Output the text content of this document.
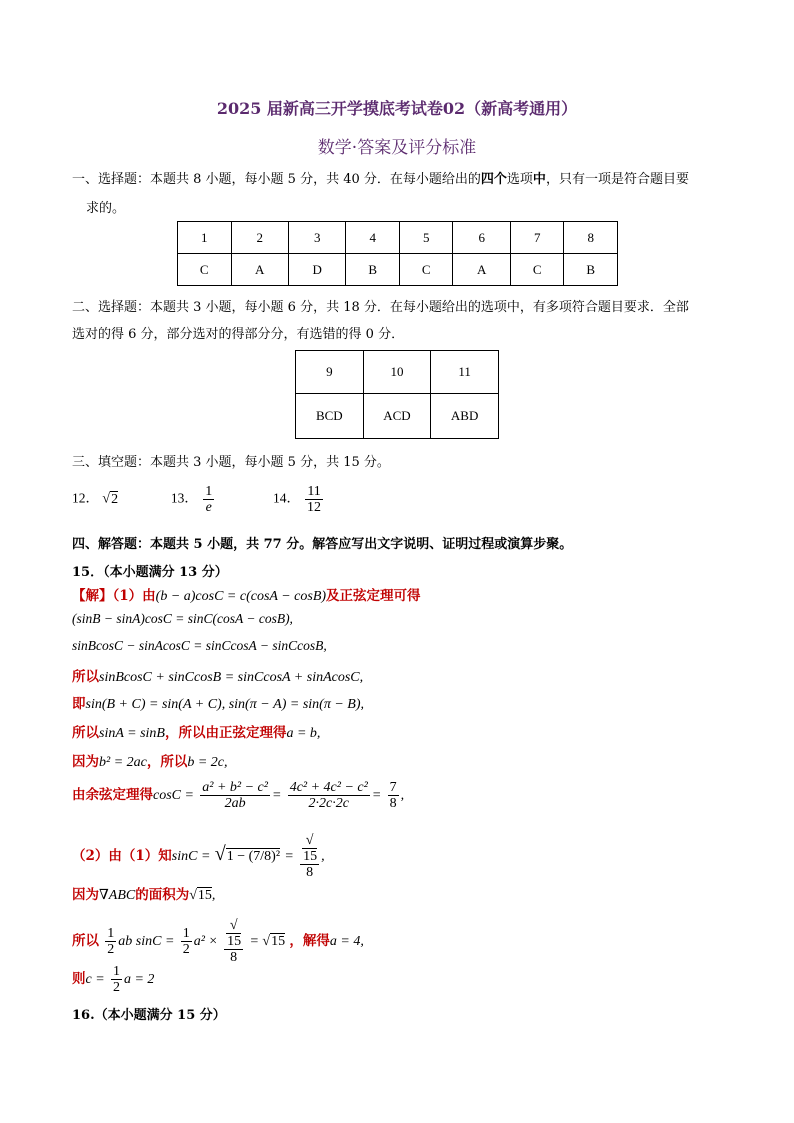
2025 届新高三开学摸底考试卷02（新高考通用）
数学·答案及评分标准
一、选择题：本题共 8 小题，每小题 5 分，共 40 分．在每小题给出的四个选项中，只有一项是符合题目要
求的。
1	2	3	4	5	6	7	8
C	A	D	B	C	A	C	B
二、选择题：本题共 3 小题，每小题 6 分，共 18 分．在每小题给出的选项中，有多项符合题目要求．全部
选对的得 6 分，部分选对的得部分分，有选错的得 0 分．
9	10	11
BCD	ACD	ABD
三、填空题：本题共 3 小题，每小题 5 分，共 15 分。
12． √2	13． $\frac{1}{e}$	14． $\frac{11}{12}$
四、解答题：本题共 5 小题，共 77 分。解答应写出文字说明、证明过程或演算步聚。
15．（本小题满分 13 分）
【解】（1）由(b − a)cosC = c(cosA − cosB)及正弦定理可得
(sinB − sinA)cosC = sinC(cosA − cosB),
sinBcosC − sinAcosC = sinCcosA − sinCcosB,
所以sinBcosC + sinCcosB = sinCcosA + sinAcosC,
即sin(B + C) = sin(A + C), sin(π − A) = sin(π − B),
所以sinA = sinB，所以由正弦定理得a = b,
因为b² = 2ac，所以b = 2c,
由余弦定理得$\cos C = \frac{\text{a² + b² − c²}}{2ab} = \frac{\text{4c² + 4c² − c²}}{2\cdot 2c\cdot 2c} = \frac{7}{8}$ ,
（2）由（1）知sinC = √1 − (7/8)² = √
15
8 ,
因为∇ABC的面积为√15,
所以 $\frac{1}{2}$ ab $\sin C = \frac{1}{2} a^2$ × √
15
8 = √15 ，解得a = 4,
则$c = \frac{1}{2}$ a = 2
16.（本小题满分 15 分）
